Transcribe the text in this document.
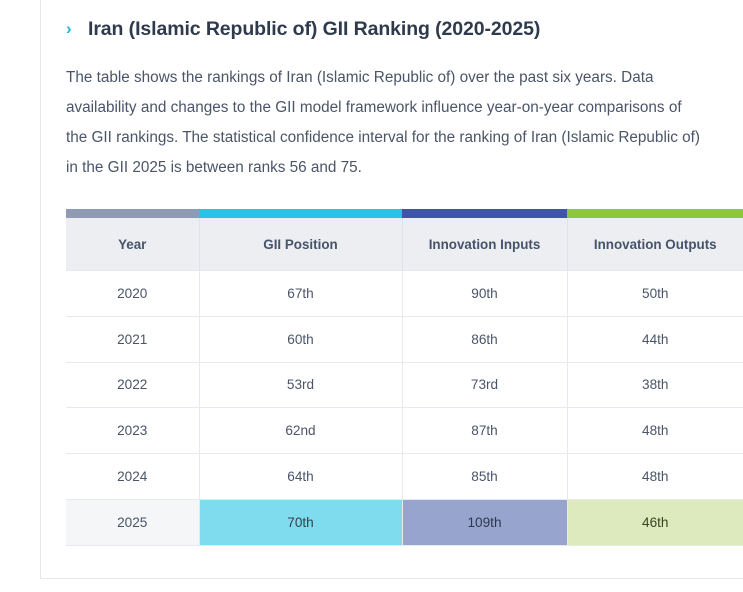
› Iran (Islamic Republic of) GII Ranking (2020-2025)

The table shows the rankings of Iran (Islamic Republic of) over the past six years. Data availability and changes to the GII model framework influence year-on-year comparisons of the GII rankings. The statistical confidence interval for the ranking of Iran (Islamic Republic of) in the GII 2025 is between ranks 56 and 75.

Year	GII Position	Innovation Inputs	Innovation Outputs
2020	67th	90th	50th
2021	60th	86th	44th
2022	53rd	73rd	38th
2023	62nd	87th	48th
2024	64th	85th	48th
2025	70th	109th	46th
